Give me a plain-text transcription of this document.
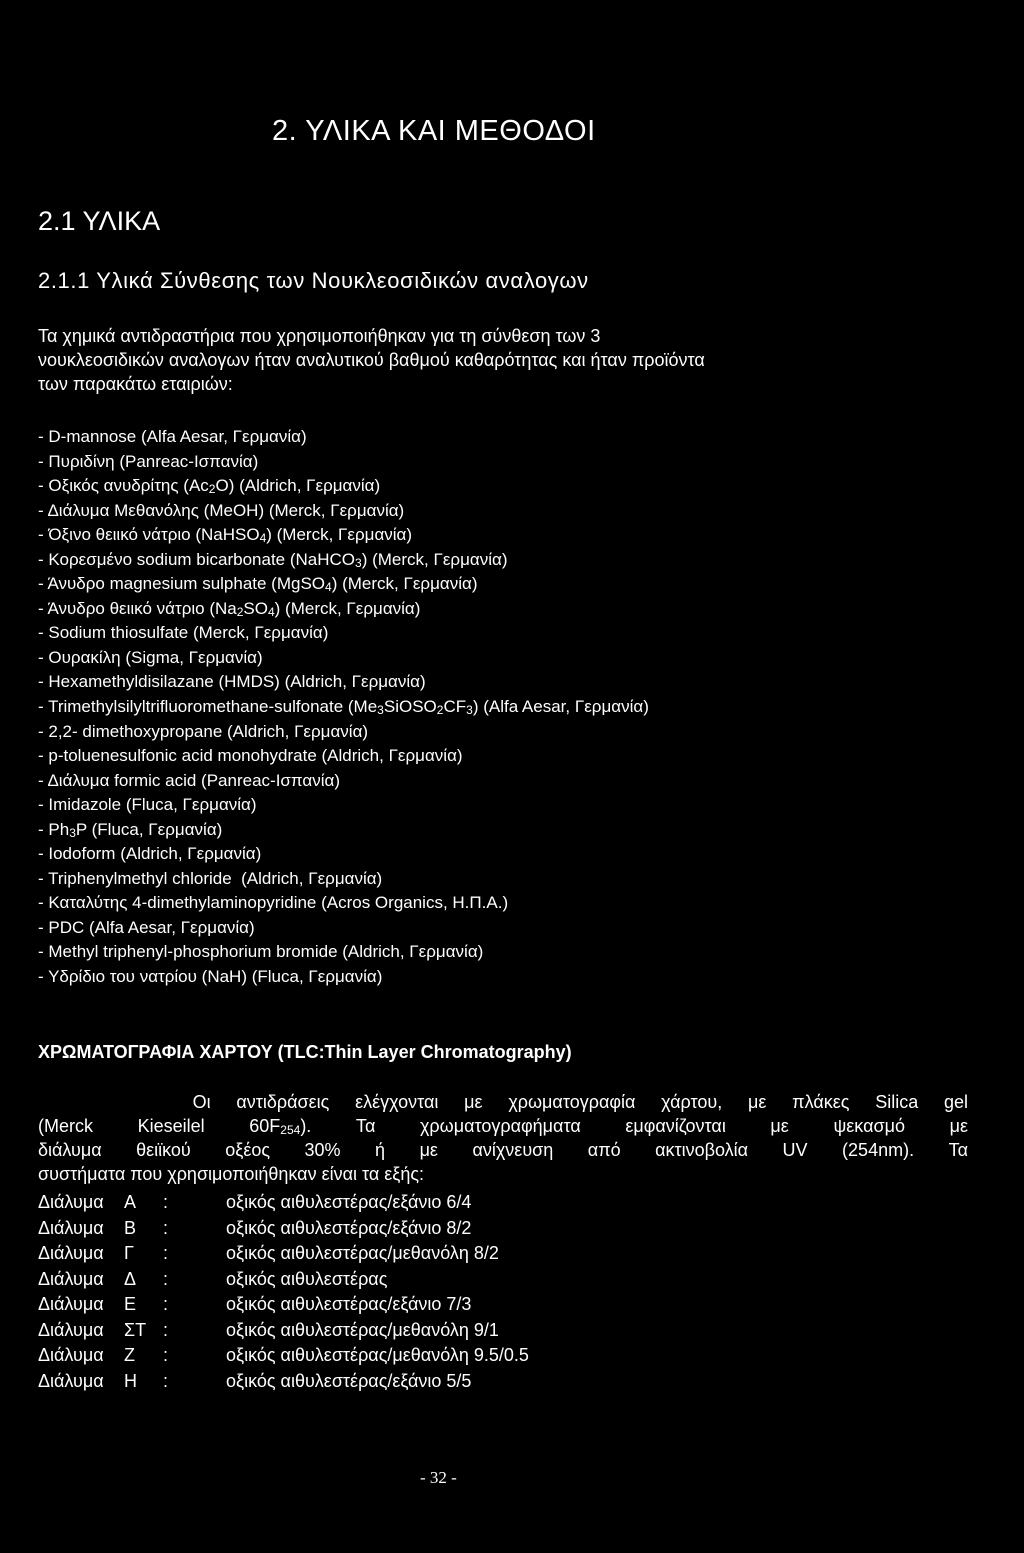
2. ΥΛΙΚΑ ΚΑΙ ΜΕΘΟΔΟΙ
2.1 ΥΛΙΚΑ
2.1.1 Υλικά Σύνθεσης των Νουκλεοσιδικών αναλογων
Τα χημικά αντιδραστήρια που χρησιμοποιήθηκαν για τη σύνθεση των 3
νουκλεοσιδικών αναλογων ήταν αναλυτικού βαθμού καθαρότητας και ήταν προϊόντα
των παρακάτω εταιριών:
- D-mannose (Alfa Aesar, Γερμανία)
- Πυριδίνη (Panreac-Ισπανία)
- Οξικός ανυδρίτης $(Ac_2O)$ (Aldrich, Γερμανία)
- Διάλυμα Μεθανόλης (MeOH) (Merck, Γερμανία)
- Όξινο θειικό νάτριο (NaHSO$_4$) (Merck, Γερμανία)
- Κορεσμένο sodium bicarbonate (NaHCO$_3$) (Merck, Γερμανία)
- Άνυδρο magnesium sulphate (MgSO$_4$) (Merck, Γερμανία)
- Άνυδρο θειικό νάτριο $(Na_2SO_4)$ (Merck, Γερμανία)
- Sodium thiosulfate (Merck, Γερμανία)
- Ουρακίλη (Sigma, Γερμανία)
- Hexamethyldisilazane (HMDS) (Aldrich, Γερμανία)
- Trimethylsilyltrifluoromethane-sulfonate $(Me_3SiOSO_2CF_3)$ (Alfa Aesar, Γερμανία)
- 2,2- dimethoxypropane (Aldrich, Γερμανία)
- p-toluenesulfonic acid monohydrate (Aldrich, Γερμανία)
- Διάλυμα formic acid (Panreac-Ισπανία)
- Imidazole (Fluca, Γερμανία)
- $Ph_3P$ (Fluca, Γερμανία)
- Iodoform (Aldrich, Γερμανία)
- Triphenylmethyl chloride  (Aldrich, Γερμανία)
- Καταλύτης 4-dimethylaminopyridine (Acros Organics, Η.Π.Α.)
- PDC (Alfa Aesar, Γερμανία)
- Methyl triphenyl-phosphorium bromide (Aldrich, Γερμανία)
- Υδρίδιο του νατρίου (NaH) (Fluca, Γερμανία)
ΧΡΩΜΑΤΟΓΡΑΦΙΑ ΧΑΡΤΟΥ (TLC:Thin Layer Chromatography)
Οι αντιδράσεις ελέγχονται με χρωματογραφία χάρτου, με πλάκες Silica gel
(Merck Kieseilel $60F_{254}$). Τα χρωματογραφήματα εμφανίζονται με ψεκασμό με
διάλυμα θειϊκού οξέος 30% ή με ανίχνευση από ακτινοβολία UV (254nm). Τα
συστήματα που χρησιμοποιήθηκαν είναι τα εξής:
Διάλυμα Α :	οξικός αιθυλεστέρας/εξάνιο 6/4
Διάλυμα Β :	οξικός αιθυλεστέρας/εξάνιο 8/2
Διάλυμα Γ :	οξικός αιθυλεστέρας/μεθανόλη 8/2
Διάλυμα Δ :	οξικός αιθυλεστέρας
Διάλυμα Ε :	οξικός αιθυλεστέρας/εξάνιο 7/3
Διάλυμα ΣΤ :	οξικός αιθυλεστέρας/μεθανόλη 9/1
Διάλυμα Ζ :	οξικός αιθυλεστέρας/μεθανόλη 9.5/0.5
Διάλυμα Η :	οξικός αιθυλεστέρας/εξάνιο 5/5
- 32 -
